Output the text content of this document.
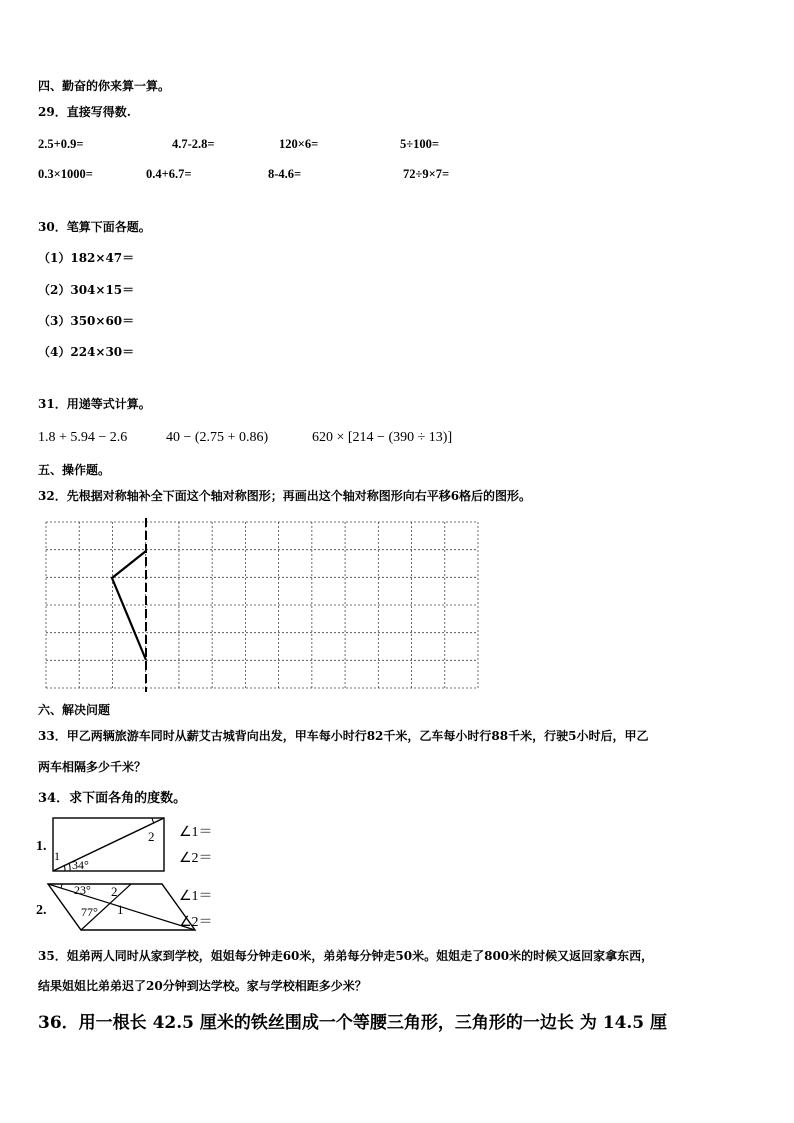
四、勤奋的你来算一算。
29．直接写得数.
2.5+0.9=	4.7-2.8=	120×6=	5÷100=
0.3×1000=	0.4+6.7=	8-4.6=	72÷9×7=
30．笔算下面各题。
（1）182×47＝
（2）304×15＝
（3）350×60＝
（4）224×30＝
31．用递等式计算。
1.8 + 5.94 − 2.6	40 − (2.75 + 0.86)	620 × [214 − (390 ÷ 13)]
五、操作题。
32．先根据对称轴补全下面这个轴对称图形；再画出这个轴对称图形向右平移6格后的图形。
六、解决问题
33．甲乙两辆旅游车同时从薪艾古城背向出发，甲车每小时行82千米，乙车每小时行88千米，行驶5小时后，甲乙
两车相隔多少千米？
34．求下面各角的度数。
1.
1
2
34°
∠1＝
∠2＝
2.
23° 2
77° 1
∠1＝
∠2＝
35．姐弟两人同时从家到学校，姐姐每分钟走60米，弟弟每分钟走50米。姐姐走了800米的时候又返回家拿东西，
结果姐姐比弟弟迟了20分钟到达学校。家与学校相距多少米？
36．用一根长 42.5 厘米的铁丝围成一个等腰三角形，三角形的一边长 为 14.5 厘
